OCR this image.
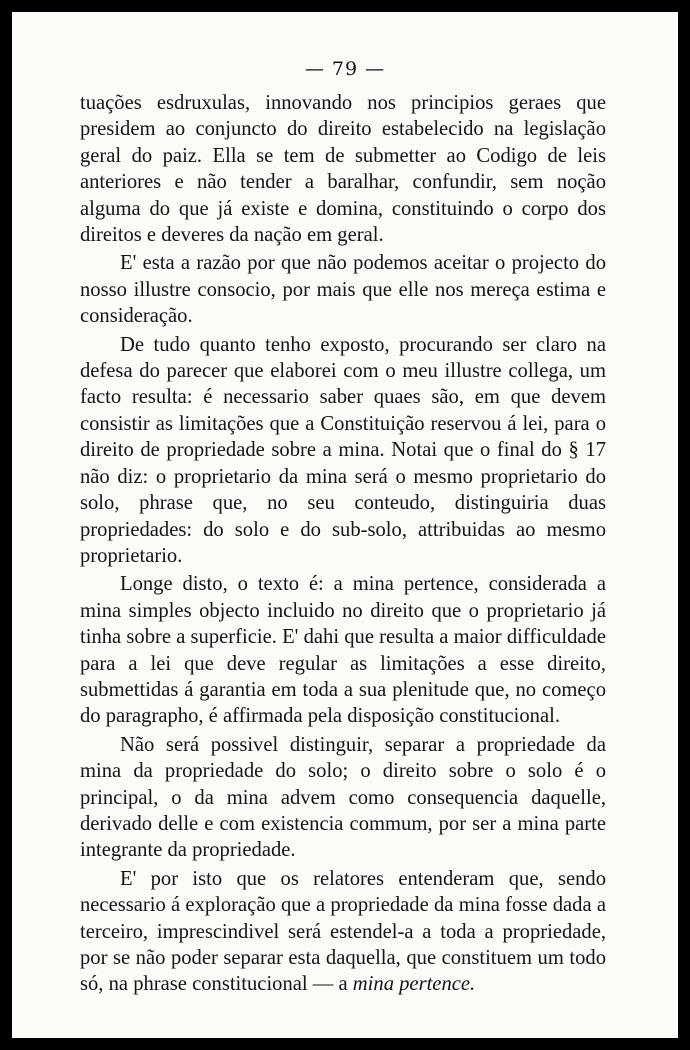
— 79 —

tuações esdruxulas, innovando nos principios geraes que presidem ao conjuncto do direito estabelecido na legislação geral do paiz. Ella se tem de submetter ao Codigo de leis anteriores e não tender a baralhar, confundir, sem noção alguma do que já existe e domina, constituindo o corpo dos direitos e deveres da nação em geral.

E' esta a razão por que não podemos aceitar o projecto do nosso illustre consocio, por mais que elle nos mereça estima e consideração.

De tudo quanto tenho exposto, procurando ser claro na defesa do parecer que elaborei com o meu illustre collega, um facto resulta: é necessario saber quaes são, em que devem consistir as limitações que a Constituição reservou á lei, para o direito de propriedade sobre a mina. Notai que o final do § 17 não diz: o proprietario da mina será o mesmo proprietario do solo, phrase que, no seu conteudo, distinguiria duas propriedades: do solo e do sub-solo, attribuidas ao mesmo proprietario.

Longe disto, o texto é: a mina pertence, considerada a mina simples objecto incluido no direito que o proprietario já tinha sobre a superficie. E' dahi que resulta a maior difficuldade para a lei que deve regular as limitações a esse direito, submettidas á garantia em toda a sua plenitude que, no começo do paragrapho, é affirmada pela disposição constitucional.

Não será possivel distinguir, separar a propriedade da mina da propriedade do solo; o direito sobre o solo é o principal, o da mina advem como consequencia daquelle, derivado delle e com existencia commum, por ser a mina parte integrante da propriedade.

E' por isto que os relatores entenderam que, sendo necessario á exploração que a propriedade da mina fosse dada a terceiro, imprescindivel será estendel-a a toda a propriedade, por se não poder separar esta daquella, que constituem um todo só, na phrase constitucional — a mina pertence.
